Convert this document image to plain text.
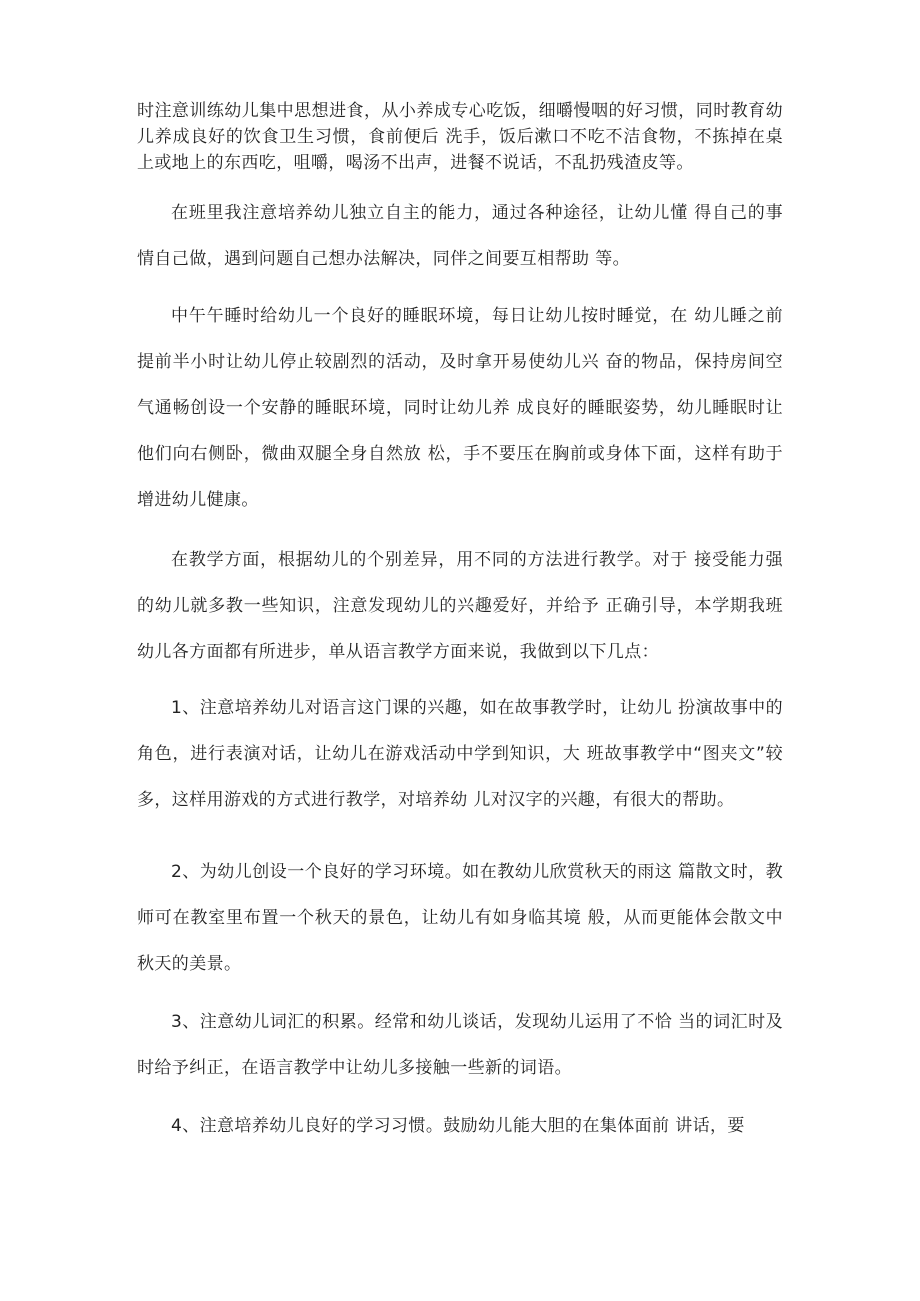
时注意训练幼儿集中思想进食，从小养成专心吃饭，细嚼慢咽的好习惯，同时教育幼儿养成良好的饮食卫生习惯，食前便后 洗手，饭后漱口不吃不洁食物，不拣掉在桌上或地上的东西吃，咀嚼，喝汤不出声，进餐不说话，不乱扔残渣皮等。

在班里我注意培养幼儿独立自主的能力，通过各种途径，让幼儿懂 得自己的事情自己做，遇到问题自己想办法解决，同伴之间要互相帮助 等。

中午午睡时给幼儿一个良好的睡眠环境，每日让幼儿按时睡觉，在 幼儿睡之前提前半小时让幼儿停止较剧烈的活动，及时拿开易使幼儿兴 奋的物品，保持房间空气通畅创设一个安静的睡眠环境，同时让幼儿养 成良好的睡眠姿势，幼儿睡眠时让他们向右侧卧，微曲双腿全身自然放 松，手不要压在胸前或身体下面，这样有助于增进幼儿健康。

在教学方面，根据幼儿的个别差异，用不同的方法进行教学。对于 接受能力强的幼儿就多教一些知识，注意发现幼儿的兴趣爱好，并给予 正确引导，本学期我班幼儿各方面都有所进步，单从语言教学方面来说，我做到以下几点：

1、注意培养幼儿对语言这门课的兴趣，如在故事教学时，让幼儿 扮演故事中的角色，进行表演对话，让幼儿在游戏活动中学到知识，大 班故事教学中“图夹文”较多，这样用游戏的方式进行教学，对培养幼 儿对汉字的兴趣，有很大的帮助。

2、为幼儿创设一个良好的学习环境。如在教幼儿欣赏秋天的雨这 篇散文时，教师可在教室里布置一个秋天的景色，让幼儿有如身临其境 般，从而更能体会散文中秋天的美景。

3、注意幼儿词汇的积累。经常和幼儿谈话，发现幼儿运用了不恰 当的词汇时及时给予纠正，在语言教学中让幼儿多接触一些新的词语。

4、注意培养幼儿良好的学习习惯。鼓励幼儿能大胆的在集体面前 讲话，要
